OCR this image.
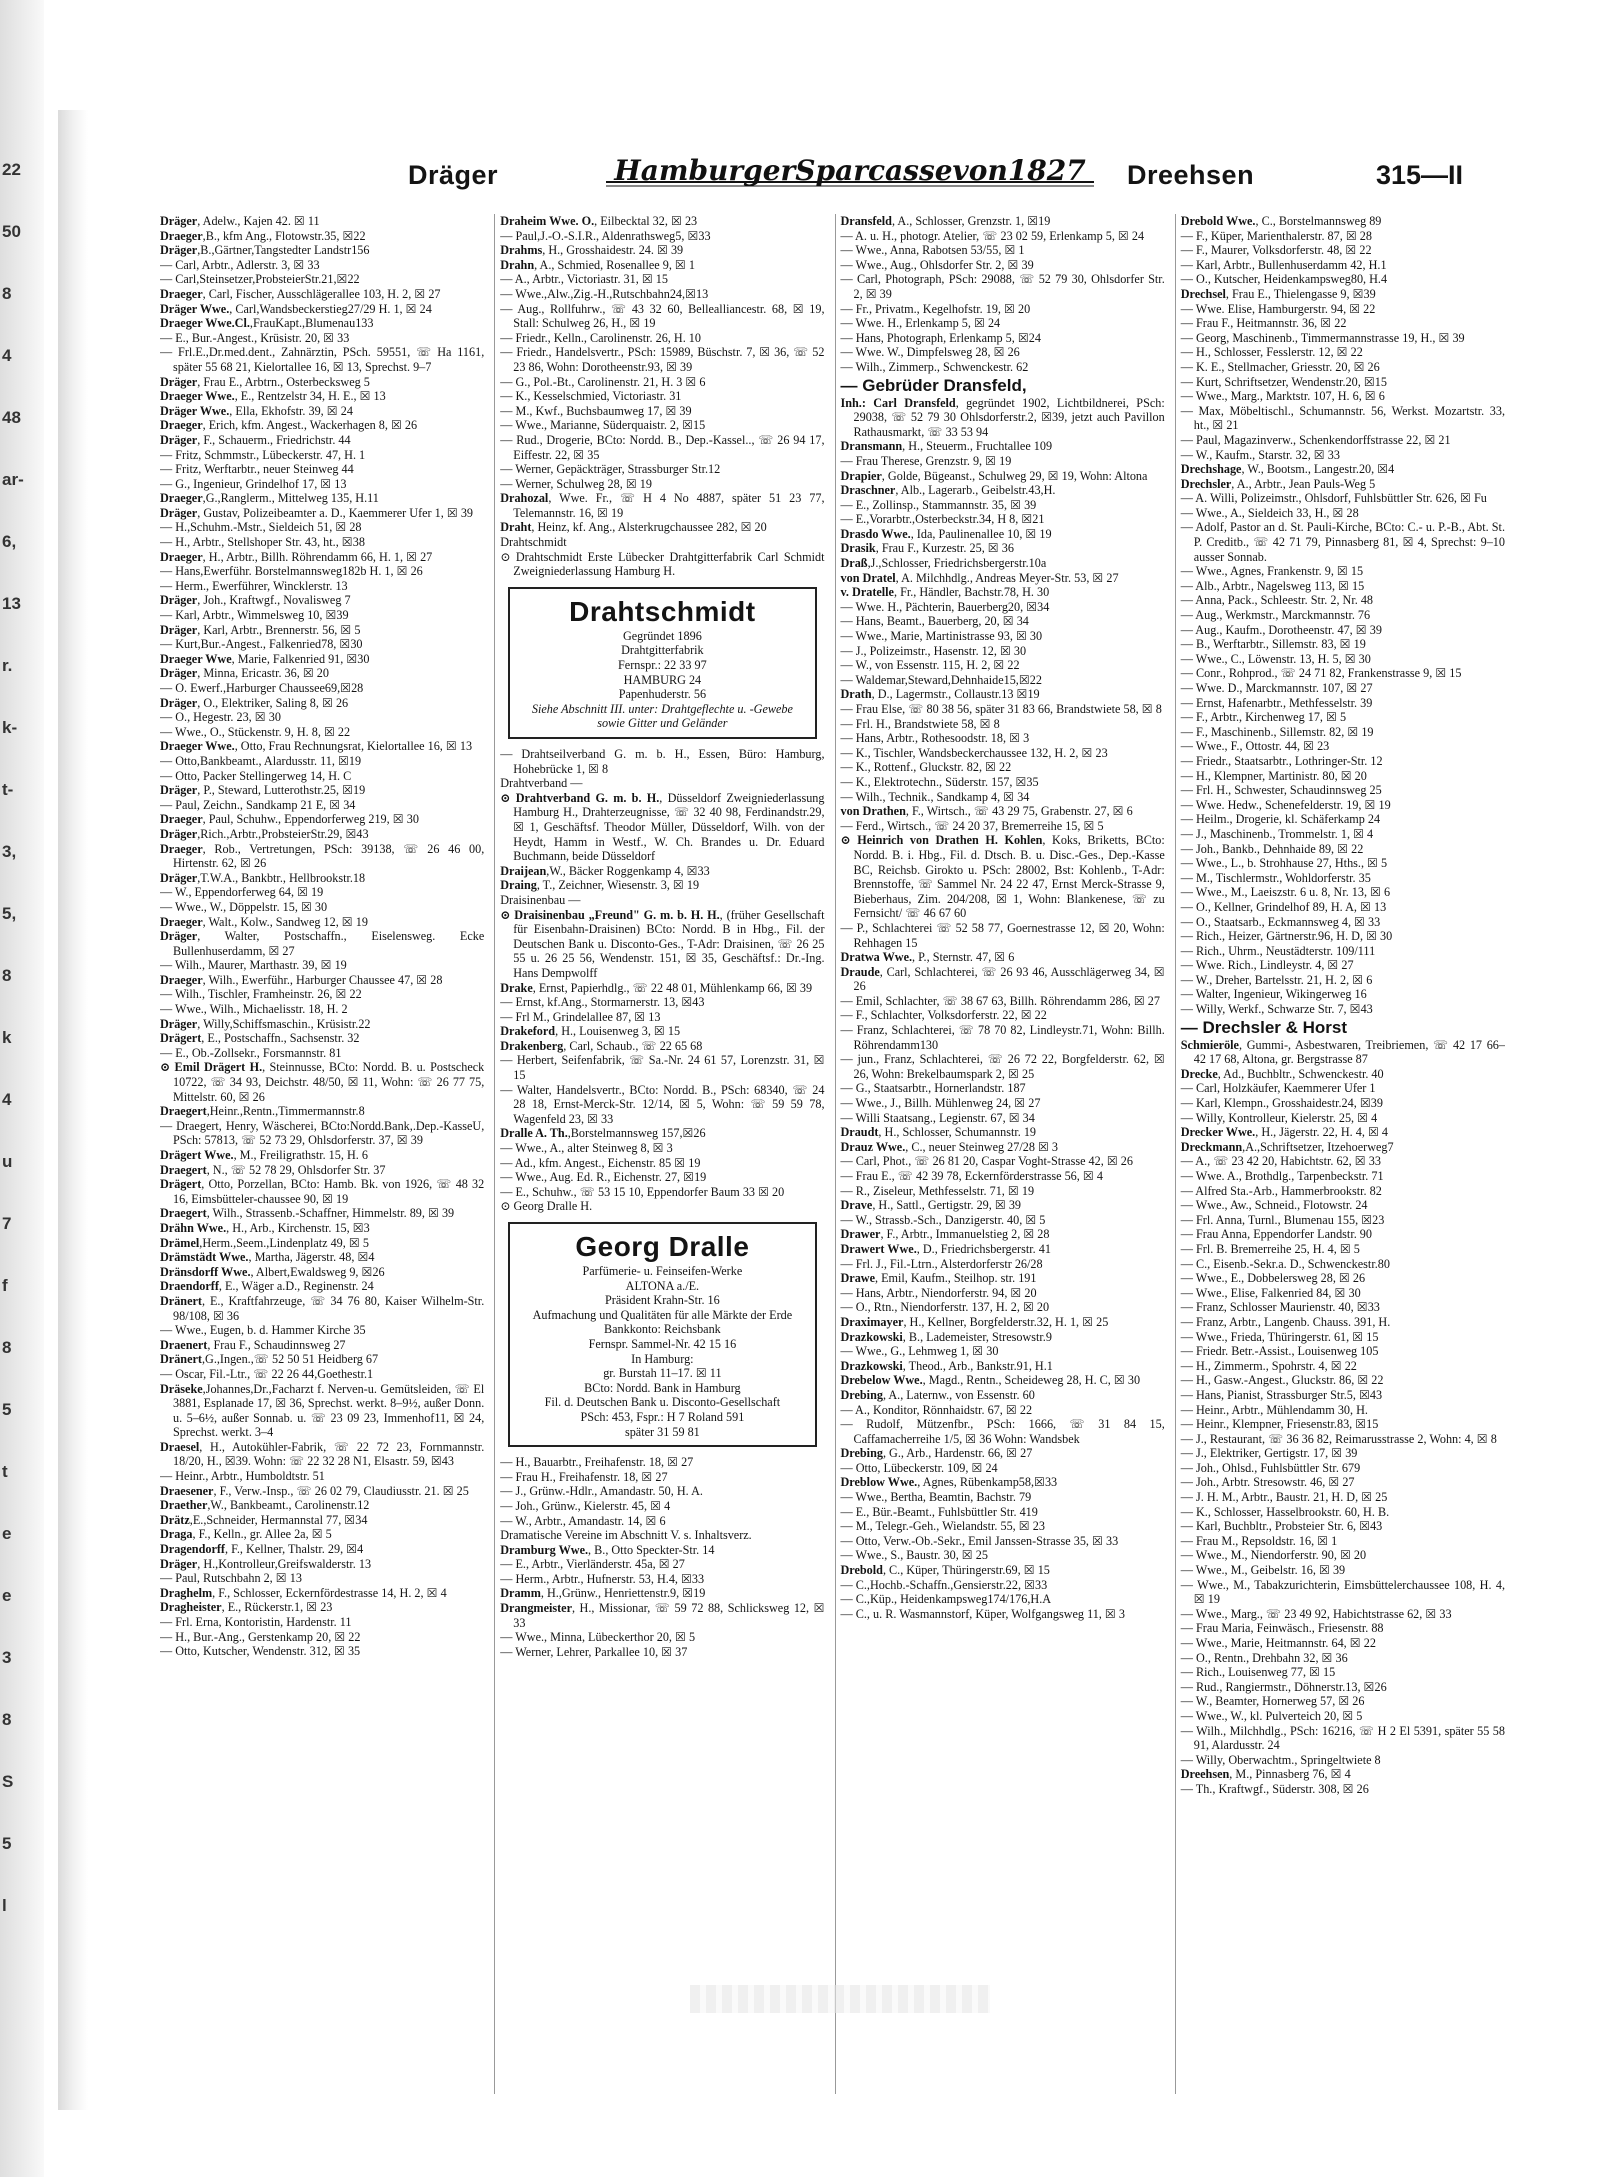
22
50
8
4
48
ar-
6,
13
r.
k-
t-
3,
5,
8
k
4
u
7
f
8
5
t
e
e
3
8
S
5
l
Dräger	HamburgerSparcassevon1827 Dreehsen	315—II

Dräger, Adelw., Kajen 42. ☒ 11

Draeger,B., kfm Ang., Flotowstr.35, ☒22

Dräger,B.,Gärtner,Tangstedter Landstr156

— Carl, Arbtr., Adlerstr. 3, ☒ 33

— Carl,Steinsetzer,ProbsteierStr.21,☒22

Draeger, Carl, Fischer, Ausschlägerallee 103, H. 2, ☒ 27

Dräger Wwe., Carl,Wandsbeckerstieg27/29 H. 1, ☒ 24

Draeger Wwe.Cl.,FrauKapt.,Blumenau133

— E., Bur.-Angest., Krüsistr. 20, ☒ 33

— Frl.E.,Dr.med.dent., Zahnärztin, PSch. 59551, ☏ Ha 1161, später 55 68 21, Kielortallee 16, ☒ 13, Sprechst. 9–7

Dräger, Frau E., Arbtrn., Osterbecksweg 5

Draeger Wwe., E., Rentzelstr 34, H. E., ☒ 13

Dräger Wwe., Ella, Ekhofstr. 39, ☒ 24

Draeger, Erich, kfm. Angest., Wackerhagen 8, ☒ 26

Dräger, F., Schauerm., Friedrichstr. 44

— Fritz, Schmmstr., Lübeckerstr. 47, H. 1

— Fritz, Werftarbtr., neuer Steinweg 44

— G., Ingenieur, Grindelhof 17, ☒ 13

Draeger,G.,Ranglerm., Mittelweg 135, H.11

Dräger, Gustav, Polizeibeamter a. D., Kaemmerer Ufer 1, ☒ 39

— H.,Schuhm.-Mstr., Sieldeich 51, ☒ 28

— H., Arbtr., Stellshoper Str. 43, ht., ☒38

Draeger, H., Arbtr., Billh. Röhrendamm 66, H. 1, ☒ 27

— Hans,Ewerführ. Borstelmannsweg182b H. 1, ☒ 26

— Herm., Ewerführer, Wincklerstr. 13

Dräger, Joh., Kraftwgf., Novalisweg 7

— Karl, Arbtr., Wimmelsweg 10, ☒39

Dräger, Karl, Arbtr., Brennerstr. 56, ☒ 5

— Kurt,Bur.-Angest., Falkenried78, ☒30

Draeger Wwe, Marie, Falkenried 91, ☒30

Dräger, Minna, Ericastr. 36, ☒ 20

— O. Ewerf.,Harburger Chaussee69,☒28

Dräger, O., Elektriker, Saling 8, ☒ 26

— O., Hegestr. 23, ☒ 30

— Wwe., O., Stückenstr. 9, H. 8, ☒ 22

Draeger Wwe., Otto, Frau Rechnungsrat, Kielortallee 16, ☒ 13

— Otto,Bankbeamt., Alardusstr. 11, ☒19

— Otto, Packer Stellingerweg 14, H. C

Dräger, P., Steward, Lutterothstr.25, ☒19

— Paul, Zeichn., Sandkamp 21 E, ☒ 34

Draeger, Paul, Schuhw., Eppendorferweg 219, ☒ 30

Dräger,Rich.,Arbtr.,ProbsteierStr.29, ☒43

Draeger, Rob., Vertretungen, PSch: 39138, ☏ 26 46 00, Hirtenstr. 62, ☒ 26

Dräger,T.W.A., Bankbtr., Hellbrookstr.18

— W., Eppendorferweg 64, ☒ 19

— Wwe., W., Döppelstr. 15, ☒ 30

Draeger, Walt., Kolw., Sandweg 12, ☒ 19

Dräger, Walter, Postschaffn., Eiselensweg. Ecke Bullenhuserdamm, ☒ 27

— Wilh., Maurer, Marthastr. 39, ☒ 19

Draeger, Wilh., Ewerführ., Harburger Chaussee 47, ☒ 28

— Wilh., Tischler, Framheinstr. 26, ☒ 22

— Wwe., Wilh., Michaelisstr. 18, H. 2

Dräger, Willy,Schiffsmaschin., Krüsistr.22

Drägert, E., Postschaffn., Sachsenstr. 32

— E., Ob.-Zollsekr., Forsmannstr. 81

⊙ Emil Drägert H., Steinnusse, BCto: Nordd. B. u. Postscheck 10722, ☏ 34 93, Deichstr. 48/50, ☒ 11, Wohn: ☏ 26 77 75, Mittelstr. 60, ☒ 26

Draegert,Heinr.,Rentn.,Timmermannstr.8

— Draegert, Henry, Wäscherei, BCto:Nordd.Bank,.Dep.-KasseU, PSch: 57813, ☏ 52 73 29, Ohlsdorferstr. 37, ☒ 39

Drägert Wwe., M., Freiligrathstr. 15, H. 6

Draegert, N., ☏ 52 78 29, Ohlsdorfer Str. 37

Drägert, Otto, Porzellan, BCto: Hamb. Bk. von 1926, ☏ 48 32 16, Eimsbütteler-chaussee 90, ☒ 19

Draegert, Wilh., Strassenb.-Schaffner, Himmelstr. 89, ☒ 39

Drähn Wwe., H., Arb., Kirchenstr. 15, ☒3

Drämel,Herm.,Seem.,Lindenplatz 49, ☒ 5

Drämstädt Wwe., Martha, Jägerstr. 48, ☒4

Dränsdorff Wwe., Albert,Ewaldsweg 9, ☒26

Draendorff, E., Wäger a.D., Reginenstr. 24

Dränert, E., Kraftfahrzeuge, ☏ 34 76 80, Kaiser Wilhelm-Str. 98/108, ☒ 36

— Wwe., Eugen, b. d. Hammer Kirche 35

Draenert, Frau F., Schaudinnsweg 27

Dränert,G.,Ingen.,☏ 52 50 51 Heidberg 67

— Oscar, Fil.-Ltr., ☏ 22 26 44,Goethestr.1

Dräseke,Johannes,Dr.,Facharzt f. Nerven-u. Gemütsleiden, ☏ El 3881, Esplanade 17, ☒ 36, Sprechst. werkt. 8–9½, außer Donn. u. 5–6½, außer Sonnab. u. ☏ 23 09 23, Immenhof11, ☒ 24, Sprechst. werkt. 3–4

Draesel, H., Autokühler-Fabrik, ☏ 22 72 23, Fornmannstr. 18/20, H., ☒39. Wohn: ☏ 22 32 28 N1, Elsastr. 59, ☒43

— Heinr., Arbtr., Humboldtstr. 51

Draesener, F., Verw.-Insp., ☏ 26 02 79, Claudiusstr. 21. ☒ 25

Draether,W., Bankbeamt., Carolinenstr.12

Drätz,E.,Schneider, Hermannstal 77, ☒34

Draga, F., Kelln., gr. Allee 2a, ☒ 5

Dragendorff, F., Kellner, Thalstr. 29, ☒4

Dräger, H.,Kontrolleur,Greifswalderstr. 13

— Paul, Rutschbahn 2, ☒ 13

Draghelm, F., Schlosser, Eckernfördestrasse 14, H. 2, ☒ 4

Dragheister, E., Rückerstr.1, ☒ 23

— Frl. Erna, Kontoristin, Hardenstr. 11

— H., Bur.-Ang., Gerstenkamp 20, ☒ 22

— Otto, Kutscher, Wendenstr. 312, ☒ 35

Draheim Wwe. O., Eilbecktal 32, ☒ 23

— Paul,J.-O.-S.I.R., Aldenrathsweg5, ☒33

Drahms, H., Grosshaidestr. 24. ☒ 39

Drahn, A., Schmied, Rosenallee 9, ☒ 1

— A., Arbtr., Victoriastr. 31, ☒ 15

— Wwe.,Alw.,Zig.-H.,Rutschbahn24,☒13

— Aug., Rollfuhrw., ☏ 43 32 60, Bellealliancestr. 68, ☒ 19, Stall: Schulweg 26, H., ☒ 19

— Friedr., Kelln., Carolinenstr. 26, H. 10

— Friedr., Handelsvertr., PSch: 15989, Büschstr. 7, ☒ 36, ☏ 52 23 86, Wohn: Dorotheenstr.93, ☒ 39

— G., Pol.-Bt., Carolinenstr. 21, H. 3 ☒ 6

— K., Kesselschmied, Victoriastr. 31

— M., Kwf., Buchsbaumweg 17, ☒ 39

— Wwe., Marianne, Süderquaistr. 2, ☒15

— Rud., Drogerie, BCto: Nordd. B., Dep.-Kassel.., ☏ 26 94 17, Eiffestr. 22, ☒ 35

— Werner, Gepäckträger, Strassburger Str.12

— Werner, Schulweg 28, ☒ 19

Drahozal, Wwe. Fr., ☏ H 4 No 4887, später 51 23 77, Telemannstr. 16, ☒ 19

Draht, Heinz, kf. Ang., Alsterkrugchaussee 282, ☒ 20

Drahtschmidt

⊙ Drahtschmidt Erste Lübecker Drahtgitterfabrik Carl Schmidt Zweigniederlassung Hamburg H.

Drahtschmidt
Gegründet 1896
Drahtgitterfabrik
Fernspr.: 22 33 97
HAMBURG 24
Papenhuderstr. 56
Siehe Abschnitt III. unter: Drahtgeflechte u. -Gewebe sowie Gitter und Geländer

— Drahtseilverband G. m. b. H., Essen, Büro: Hamburg, Hohebrücke 1, ☒ 8

Drahtverband —

⊙ Drahtverband G. m. b. H., Düsseldorf Zweigniederlassung Hamburg H., Drahterzeugnisse, ☏ 32 40 98, Ferdinandstr.29, ☒ 1, Geschäftsf. Theodor Müller, Düsseldorf, Wilh. von der Heydt, Hamm in Westf., W. Ch. Brandes u. Dr. Eduard Buchmann, beide Düsseldorf

Draijean,W., Bäcker Roggenkamp 4, ☒33

Draing, T., Zeichner, Wiesenstr. 3, ☒ 19

Draisinenbau —

⊙ Draisinenbau „Freund" G. m. b. H. H., (früher Gesellschaft für Eisenbahn-Draisinen) BCto: Nordd. B in Hbg., Fil. der Deutschen Bank u. Disconto-Ges., T-Adr: Draisinen, ☏ 26 25 55 u. 26 25 56, Wendenstr. 151, ☒ 35, Geschäftsf.: Dr.-Ing. Hans Dempwolff

Drake, Ernst, Papierhdlg., ☏ 22 48 01, Mühlenkamp 66, ☒ 39

— Ernst, kf.Ang., Stormarnerstr. 13, ☒43

— Frl M., Grindelallee 87, ☒ 13

Drakeford, H., Louisenweg 3, ☒ 15

Drakenberg, Carl, Schaub., ☏ 22 65 68

— Herbert, Seifenfabrik, ☏ Sa.-Nr. 24 61 57, Lorenzstr. 31, ☒ 15

— Walter, Handelsvertr., BCto: Nordd. B., PSch: 68340, ☏ 24 28 18, Ernst-Merck-Str. 12/14, ☒ 5, Wohn: ☏ 59 59 78, Wagenfeld 23, ☒ 33

Dralle A. Th.,Borstelmannsweg 157,☒26

— Wwe., A., alter Steinweg 8, ☒ 3

— Ad., kfm. Angest., Eichenstr. 85 ☒ 19

— Wwe., Aug. Ed. R., Eichenstr. 27, ☒19

— E., Schuhw., ☏ 53 15 10, Eppendorfer Baum 33 ☒ 20

⊙ Georg Dralle H.

Georg Dralle
Parfümerie- u. Feinseifen-Werke
ALTONA a./E.
Präsident Krahn-Str. 16
Aufmachung und Qualitäten für alle Märkte der Erde
Bankkonto: Reichsbank
Fernspr. Sammel-Nr. 42 15 16
In Hamburg:
gr. Burstah 11–17. ☒ 11
BCto: Nordd. Bank in Hamburg
Fil. d. Deutschen Bank u. Disconto-Gesellschaft
PSch: 453, Fspr.: H 7 Roland 591
später 31 59 81

— H., Bauarbtr., Freihafenstr. 18, ☒ 27

— Frau H., Freihafenstr. 18, ☒ 27

— J., Grünw.-Hdlr., Amandastr. 50, H. A.

— Joh., Grünw., Kielerstr. 45, ☒ 4

— W., Arbtr., Amandastr. 14, ☒ 6

Dramatische Vereine im Abschnitt V. s. Inhaltsverz.

Dramburg Wwe., B., Otto Speckter-Str. 14

— E., Arbtr., Vierländerstr. 45a, ☒ 27

— Herm., Arbtr., Hufnerstr. 53, H.4, ☒33

Dramm, H.,Grünw., Henriettenstr.9, ☒19

Drangmeister, H., Missionar, ☏ 59 72 88, Schlicksweg 12, ☒ 33

— Wwe., Minna, Lübeckerthor 20, ☒ 5

— Werner, Lehrer, Parkallee 10, ☒ 37

Dransfeld, A., Schlosser, Grenzstr. 1, ☒19

— A. u. H., photogr. Atelier, ☏ 23 02 59, Erlenkamp 5, ☒ 24

— Wwe., Anna, Rabotsen 53/55, ☒ 1

— Wwe., Aug., Ohlsdorfer Str. 2, ☒ 39

— Carl, Photograph, PSch: 29088, ☏ 52 79 30, Ohlsdorfer Str. 2, ☒ 39

— Fr., Privatm., Kegelhofstr. 19, ☒ 20

— Wwe. H., Erlenkamp 5, ☒ 24

— Hans, Photograph, Erlenkamp 5, ☒24

— Wwe. W., Dimpfelsweg 28, ☒ 26

— Wilh., Zimmerp., Schwenckestr. 62

— Gebrüder Dransfeld,

Inh.: Carl Dransfeld, gegründet 1902, Lichtbildnerei, PSch: 29038, ☏ 52 79 30 Ohlsdorferstr.2, ☒39, jetzt auch Pavillon Rathausmarkt, ☏ 33 53 94

Dransmann, H., Steuerm., Fruchtallee 109

— Frau Therese, Grenzstr. 9, ☒ 19

Drapier, Golde, Bügeanst., Schulweg 29, ☒ 19, Wohn: Altona

Draschner, Alb., Lagerarb., Geibelstr.43,H.

— E., Zollinsp., Stammannstr. 35, ☒ 39

— E.,Vorarbtr.,Osterbeckstr.34, H 8, ☒21

Drasdo Wwe., Ida, Paulinenallee 10, ☒ 19

Drasik, Frau F., Kurzestr. 25, ☒ 36

Draß,J.,Schlosser, Friedrichsbergerstr.10a

von Dratel, A. Milchhdlg., Andreas Meyer-Str. 53, ☒ 27

v. Dratelle, Fr., Händler, Bachstr.78, H. 30

— Wwe. H., Pächterin, Bauerberg20, ☒34

— Hans, Beamt., Bauerberg, 20, ☒ 34

— Wwe., Marie, Martinistrasse 93, ☒ 30

— J., Polizeimstr., Hasenstr. 12, ☒ 30

— W., von Essenstr. 115, H. 2, ☒ 22

— Waldemar,Steward,Dehnhaide15,☒22

Drath, D., Lagermstr., Collaustr.13 ☒19

— Frau Else, ☏ 80 38 56, später 31 83 66, Brandstwiete 58, ☒ 8

— Frl. H., Brandstwiete 58, ☒ 8

— Hans, Arbtr., Rothesoodstr. 18, ☒ 3

— K., Tischler, Wandsbeckerchaussee 132, H. 2, ☒ 23

— K., Rottenf., Gluckstr. 82, ☒ 22

— K., Elektrotechn., Süderstr. 157, ☒35

— Wilh., Technik., Sandkamp 4, ☒ 34

von Drathen, F., Wirtsch., ☏ 43 29 75, Grabenstr. 27, ☒ 6

— Ferd., Wirtsch., ☏ 24 20 37, Bremerreihe 15, ☒ 5

⊙ Heinrich von Drathen H. Kohlen, Koks, Briketts, BCto: Nordd. B. i. Hbg., Fil. d. Dtsch. B. u. Disc.-Ges., Dep.-Kasse BC, Reichsb. Girokto u. PSch: 28002, Bst: Kohlenb., T-Adr: Brennstoffe, ☏ Sammel Nr. 24 22 47, Ernst Merck-Strasse 9, Bieberhaus, Zim. 204/208, ☒ 1, Wohn: Blankenese, ☏ zu Fernsicht/ ☏ 46 67 60

— P., Schlachterei ☏ 52 58 77, Goernestrasse 12, ☒ 20, Wohn: Rehhagen 15

Dratwa Wwe., P., Sternstr. 47, ☒ 6

Draude, Carl, Schlachterei, ☏ 26 93 46, Ausschlägerweg 34, ☒ 26

— Emil, Schlachter, ☏ 38 67 63, Billh. Röhrendamm 286, ☒ 27

— F., Schlachter, Volksdorferstr. 22, ☒ 22

— Franz, Schlachterei, ☏ 78 70 82, Lindleystr.71, Wohn: Billh. Röhrendamm130

— jun., Franz, Schlachterei, ☏ 26 72 22, Borgfelderstr. 62, ☒ 26, Wohn: Brekelbaumspark 2, ☒ 25

— G., Staatsarbtr., Hornerlandstr. 187

— Wwe., J., Billh. Mühlenweg 24, ☒ 27

— Willi Staatsang., Legienstr. 67, ☒ 34

Draudt, H., Schlosser, Schumannstr. 19

Drauz Wwe., C., neuer Steinweg 27/28 ☒ 3

— Carl, Phot., ☏ 26 81 20, Caspar Voght-Strasse 42, ☒ 26

— Frau E., ☏ 42 39 78, Eckernförderstrasse 56, ☒ 4

— R., Ziseleur, Methfesselstr. 71, ☒ 19

Drave, H., Sattl., Gertigstr. 29, ☒ 39

— W., Strassb.-Sch., Danzigerstr. 40, ☒ 5

Drawer, F., Arbtr., Immanuelstieg 2, ☒ 28

Drawert Wwe., D., Friedrichsbergerstr. 41

— Frl. J., Fil.-Ltrn., Alsterdorferstr 26/28

Drawe, Emil, Kaufm., Steilhop. str. 191

— Hans, Arbtr., Niendorferstr. 94, ☒ 20

— O., Rtn., Niendorferstr. 137, H. 2, ☒ 20

Draximayer, H., Kellner, Borgfelderstr.32, H. 1, ☒ 25

Drazkowski, B., Lademeister, Stresowstr.9

— Wwe., G., Lehmweg 1, ☒ 30

Drazkowski, Theod., Arb., Bankstr.91, H.1

Drebelow Wwe., Magd., Rentn., Scheideweg 28, H. C, ☒ 30

Drebing, A., Laternw., von Essenstr. 60

— A., Konditor, Rönnhaidstr. 67, ☒ 22

— Rudolf, Mützenfbr., PSch: 1666, ☏ 31 84 15, Caffamacherreihe 1/5, ☒ 36 Wohn: Wandsbek

Drebing, G., Arb., Hardenstr. 66, ☒ 27

— Otto, Lübeckerstr. 109, ☒ 24

Dreblow Wwe., Agnes, Rübenkamp58,☒33

— Wwe., Bertha, Beamtin, Bachstr. 79

— E., Bür.-Beamt., Fuhlsbüttler Str. 419

— M., Telegr.-Geh., Wielandstr. 55, ☒ 23

— Otto, Verw.-Ob.-Sekr., Emil Janssen-Strasse 35, ☒ 33

— Wwe., S., Baustr. 30, ☒ 25

Drebold, C., Küper, Thüringerstr.69, ☒ 15

— C.,Hochb.-Schaffn.,Gensierstr.22, ☒33

— C.,Küp., Heidenkampsweg174/176,H.A

— C., u. R. Wasmannstorf, Küper, Wolfgangsweg 11, ☒ 3

Drebold Wwe., C., Borstelmannsweg 89

— F., Küper, Marienthalerstr. 87, ☒ 28

— F., Maurer, Volksdorferstr. 48, ☒ 22

— Karl, Arbtr., Bullenhuserdamm 42, H.1

— O., Kutscher, Heidenkampsweg80, H.4

Drechsel, Frau E., Thielengasse 9, ☒39

— Wwe. Elise, Hamburgerstr. 94, ☒ 22

— Frau F., Heitmannstr. 36, ☒ 22

— Georg, Maschinenb., Timmermannstrasse 19, H., ☒ 39

— H., Schlosser, Fesslerstr. 12, ☒ 22

— K. E., Stellmacher, Griesstr. 20, ☒ 26

— Kurt, Schriftsetzer, Wendenstr.20, ☒15

— Wwe., Marg., Marktstr. 107, H. 6, ☒ 6

— Max, Möbeltischl., Schumannstr. 56, Werkst. Mozartstr. 33, ht., ☒ 21

— Paul, Magazinverw., Schenkendorffstrasse 22, ☒ 21

— W., Kaufm., Starstr. 32, ☒ 33

Drechshage, W., Bootsm., Langestr.20, ☒4

Drechsler, A., Arbtr., Jean Pauls-Weg 5

— A. Willi, Polizeimstr., Ohlsdorf, Fuhlsbüttler Str. 626, ☒ Fu

— Wwe., A., Sieldeich 33, H., ☒ 28

— Adolf, Pastor an d. St. Pauli-Kirche, BCto: C.- u. P.-B., Abt. St. P. Creditb., ☏ 42 71 79, Pinnasberg 81, ☒ 4, Sprechst: 9–10 ausser Sonnab.

— Wwe., Agnes, Frankenstr. 9, ☒ 15

— Alb., Arbtr., Nagelsweg 113, ☒ 15

— Anna, Pack., Schleestr. Str. 2, Nr. 48

— Aug., Werkmstr., Marckmannstr. 76

— Aug., Kaufm., Dorotheenstr. 47, ☒ 39

— B., Werftarbtr., Sillemstr. 83, ☒ 19

— Wwe., C., Löwenstr. 13, H. 5, ☒ 30

— Conr., Rohprod., ☏ 24 71 82, Frankenstrasse 9, ☒ 15

— Wwe. D., Marckmannstr. 107, ☒ 27

— Ernst, Hafenarbtr., Methfesselstr. 39

— F., Arbtr., Kirchenweg 17, ☒ 5

— F., Maschinenb., Sillemstr. 82, ☒ 19

— Wwe., F., Ottostr. 44, ☒ 23

— Friedr., Staatsarbtr., Lothringer-Str. 12

— H., Klempner, Martinistr. 80, ☒ 20

— Frl. H., Schwester, Schaudinnsweg 25

— Wwe. Hedw., Schenefelderstr. 19, ☒ 19

— Heilm., Drogerie, kl. Schäferkamp 24

— J., Maschinenb., Trommelstr. 1, ☒ 4

— Joh., Bankb., Dehnhaide 89, ☒ 22

— Wwe., L., b. Strohhause 27, Hths., ☒ 5

— M., Tischlermstr., Wohldorferstr. 35

— Wwe., M., Laeiszstr. 6 u. 8, Nr. 13, ☒ 6

— O., Kellner, Grindelhof 89, H. A, ☒ 13

— O., Staatsarb., Eckmannsweg 4, ☒ 33

— Rich., Heizer, Gärtnerstr.96, H. D, ☒ 30

— Rich., Uhrm., Neustädterstr. 109/111

— Wwe. Rich., Lindleystr. 4, ☒ 27

— W., Dreher, Bartelsstr. 21, H. 2, ☒ 6

— Walter, Ingenieur, Wikingerweg 16

— Willy, Werkf., Schwarze Str. 7, ☒43

— Drechsler & Horst

Schmieröle, Gummi-, Asbestwaren, Treibriemen, ☏ 42 17 66–42 17 68, Altona, gr. Bergstrasse 87

Drecke, Ad., Buchbltr., Schwenckestr. 40

— Carl, Holzkäufer, Kaemmerer Ufer 1

— Karl, Klempn., Grosshaidestr.24, ☒39

— Willy, Kontrolleur, Kielerstr. 25, ☒ 4

Drecker Wwe., H., Jägerstr. 22, H. 4, ☒ 4

Dreckmann,A.,Schriftsetzer, Itzehoerweg7

— A., ☏ 23 42 20, Habichtstr. 62, ☒ 33

— Wwe. A., Brothdlg., Tarpenbeckstr. 71

— Alfred Sta.-Arb., Hammerbrookstr. 82

— Wwe., Aw., Schneid., Flotowstr. 24

— Frl. Anna, Turnl., Blumenau 155, ☒23

— Frau Anna, Eppendorfer Landstr. 90

— Frl. B. Bremerreihe 25, H. 4, ☒ 5

— C., Eisenb.-Sekr.a. D., Schwenckestr.80

— Wwe., E., Dobbelersweg 28, ☒ 26

— Wwe., Elise, Falkenried 84, ☒ 30

— Franz, Schlosser Maurienstr. 40, ☒33

— Franz, Arbtr., Langenb. Chauss. 391, H.

— Wwe., Frieda, Thüringerstr. 61, ☒ 15

— Friedr. Betr.-Assist., Louisenweg 105

— H., Zimmerm., Spohrstr. 4, ☒ 22

— H., Gasw.-Angest., Gluckstr. 86, ☒ 22

— Hans, Pianist, Strassburger Str.5, ☒43

— Heinr., Arbtr., Mühlendamm 30, H.

— Heinr., Klempner, Friesenstr.83, ☒15

— J., Restaurant, ☏ 36 36 82, Reimarusstrasse 2, Wohn: 4, ☒ 8

— J., Elektriker, Gertigstr. 17, ☒ 39

— Joh., Ohlsd., Fuhlsbüttler Str. 679

— Joh., Arbtr. Stresowstr. 46, ☒ 27

— J. H. M., Arbtr., Baustr. 21, H. D, ☒ 25

— K., Schlosser, Hasselbrookstr. 60, H. B.

— Karl, Buchbltr., Probsteier Str. 6, ☒43

— Frau M., Repsoldstr. 16, ☒ 1

— Wwe., M., Niendorferstr. 90, ☒ 20

— Wwe., M., Geibelstr. 16, ☒ 39

— Wwe., M., Tabakzurichterin, Eimsbüttelerchaussee 108, H. 4, ☒ 19

— Wwe., Marg., ☏ 23 49 92, Habichtstrasse 62, ☒ 33

— Frau Maria, Feinwäsch., Friesenstr. 88

— Wwe., Marie, Heitmannstr. 64, ☒ 22

— O., Rentn., Drehbahn 32, ☒ 36

— Rich., Louisenweg 77, ☒ 15

— Rud., Rangiermstr., Döhnerstr.13, ☒26

— W., Beamter, Hornerweg 57, ☒ 26

— Wwe., W., kl. Pulverteich 20, ☒ 5

— Wilh., Milchhdlg., PSch: 16216, ☏ H 2 El 5391, später 55 58 91, Alardusstr. 24

— Willy, Oberwachtm., Springeltwiete 8

Dreehsen, M., Pinnasberg 76, ☒ 4

— Th., Kraftwgf., Süderstr. 308, ☒ 26
